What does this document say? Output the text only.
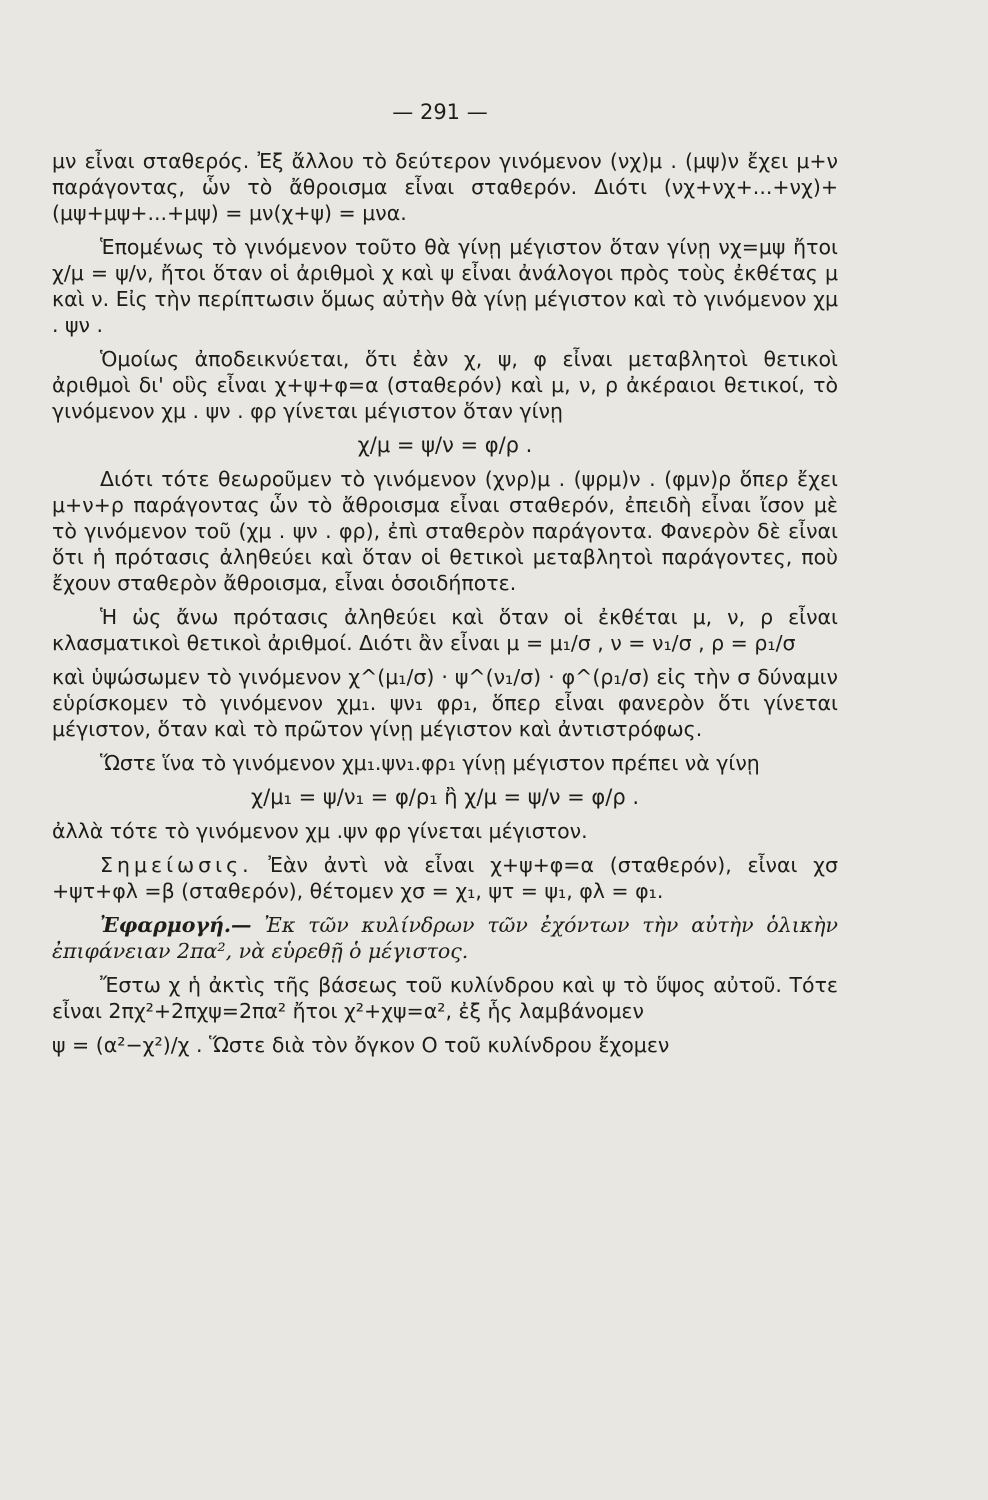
— 291 —

μν εἶναι σταθερός. Ἐξ ἄλλου τὸ δεύτερον γινόμενον (νχ)μ . (μψ)ν ἔχει μ+ν παράγοντας, ὧν τὸ ἄθροισμα εἶναι σταθερόν. Διότι (νχ+νχ+...+νχ)+ (μψ+μψ+...+μψ) = μν(χ+ψ) = μνα.

Ἑπομένως τὸ γινόμενον τοῦτο θὰ γίνῃ μέγιστον ὅταν γίνῃ νχ=μψ ἤτοι χ/μ = ψ/ν, ἤτοι ὅταν οἱ ἀριθμοὶ χ καὶ ψ εἶναι ἀνάλογοι πρὸς τοὺς ἐκθέτας μ καὶ ν. Εἰς τὴν περίπτωσιν ὅμως αὐτὴν θὰ γίνῃ μέγιστον καὶ τὸ γινόμενον χμ . ψν .

Ὁμοίως ἀποδεικνύεται, ὅτι ἐὰν χ, ψ, φ εἶναι μεταβλητοὶ θετικοὶ ἀριθμοὶ δι' οὓς εἶναι χ+ψ+φ=α (σταθερόν) καὶ μ, ν, ρ ἀκέραιοι θετικοί, τὸ γινόμενον χμ . ψν . φρ γίνεται μέγιστον ὅταν γίνῃ

χ/μ = ψ/ν = φ/ρ .

Διότι τότε θεωροῦμεν τὸ γινόμενον (χνρ)μ . (ψρμ)ν . (φμν)ρ ὅπερ ἔχει μ+ν+ρ παράγοντας ὧν τὸ ἄθροισμα εἶναι σταθερόν, ἐπειδὴ εἶναι ἴσον μὲ τὸ γινόμενον τοῦ (χμ . ψν . φρ), ἐπὶ σταθερὸν παράγοντα. Φανερὸν δὲ εἶναι ὅτι ἡ πρότασις ἀληθεύει καὶ ὅταν οἱ θετικοὶ μεταβλητοὶ παράγοντες, ποὺ ἔχουν σταθερὸν ἄθροισμα, εἶναι ὁσοιδήποτε.

Ἡ ὡς ἄνω πρότασις ἀληθεύει καὶ ὅταν οἱ ἐκθέται μ, ν, ρ εἶναι κλασματικοὶ θετικοὶ ἀριθμοί. Διότι ἂν εἶναι μ = μ₁/σ , ν = ν₁/σ , ρ = ρ₁/σ

καὶ ὑψώσωμεν τὸ γινόμενον χ^(μ₁/σ) · ψ^(ν₁/σ) · φ^(ρ₁/σ) εἰς τὴν σ δύναμιν εὑρίσκομεν τὸ γινόμενον χμ₁. ψν₁ φρ₁, ὅπερ εἶναι φανερὸν ὅτι γίνεται μέγιστον, ὅταν καὶ τὸ πρῶτον γίνῃ μέγιστον καὶ ἀντιστρόφως.

Ὥστε ἵνα τὸ γινόμενον χμ₁.ψν₁.φρ₁ γίνῃ μέγιστον πρέπει νὰ γίνῃ

χ/μ₁ = ψ/ν₁ = φ/ρ₁ ἢ χ/μ = ψ/ν = φ/ρ .

ἀλλὰ τότε τὸ γινόμενον χμ .ψν φρ γίνεται μέγιστον.

Σημείωσις. Ἐὰν ἀντὶ νὰ εἶναι χ+ψ+φ=α (σταθερόν), εἶναι χσ +ψτ+φλ =β (σταθερόν), θέτομεν χσ = χ₁, ψτ = ψ₁, φλ = φ₁.

Ἐφαρμογή.— Ἐκ τῶν κυλίνδρων τῶν ἐχόντων τὴν αὐτὴν ὁλικὴν ἐπιφάνειαν 2πα², νὰ εὑρεθῇ ὁ μέγιστος.

Ἔστω χ ἡ ἀκτὶς τῆς βάσεως τοῦ κυλίνδρου καὶ ψ τὸ ὕψος αὐτοῦ. Τότε εἶναι 2πχ²+2πχψ=2πα² ἤτοι χ²+χψ=α², ἐξ ἧς λαμβάνομεν

ψ = (α²−χ²)/χ . Ὥστε διὰ τὸν ὄγκον Ο τοῦ κυλίνδρου ἔχομεν
